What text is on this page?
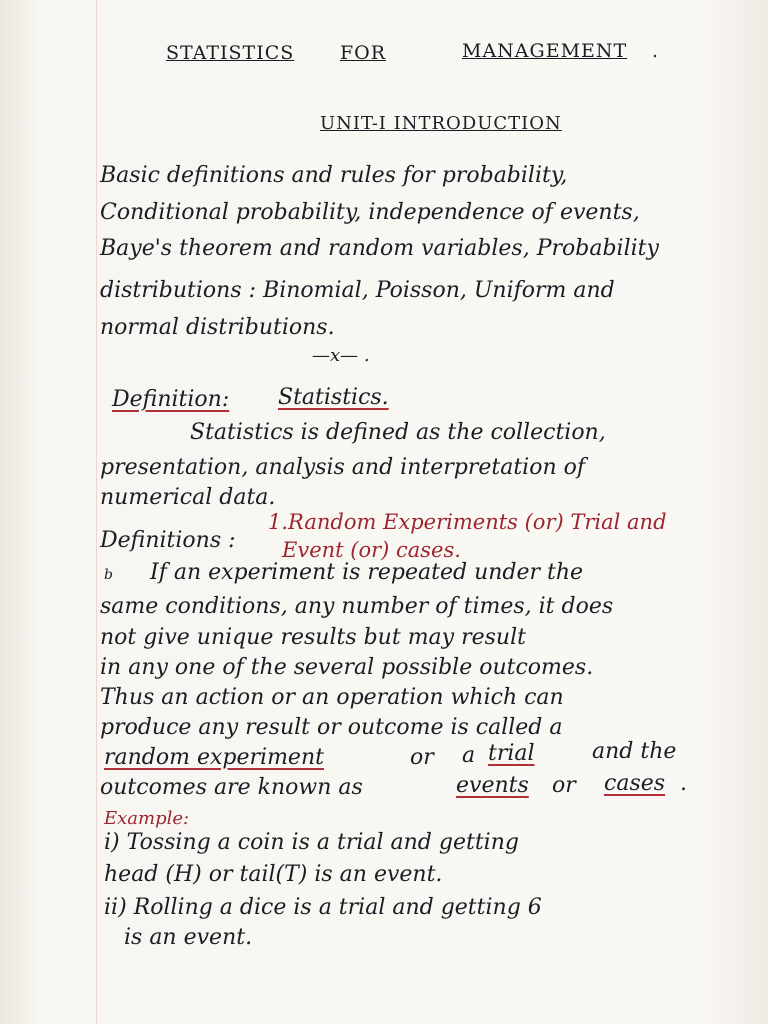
STATISTICS FOR	MANAGEMENT .
UNIT-I INTRODUCTION
Basic definitions and rules for probability,
Conditional probability, independence of events,
Baye's theorem and random variables, Probability
distributions : Binomial, Poisson, Uniform and
normal distributions.
—x— .
Definition: Statistics.
Statistics is defined as the collection,
presentation, analysis and interpretation of
numerical data.
Definitions :
1.Random Experiments (or) Trial and
Event (or) cases.
b If an experiment is repeated under the
same conditions, any number of times, it does
not give unique results but may result
in any one of the several possible outcomes.
Thus an action or an operation which can
produce any result or outcome is called a
random experiment	or a trial	and the
outcomes are known as	events or cases .
Example:
i) Tossing a coin is a trial and getting
head (H) or tail(T) is an event.
ii) Rolling a dice is a trial and getting 6
is an event.
